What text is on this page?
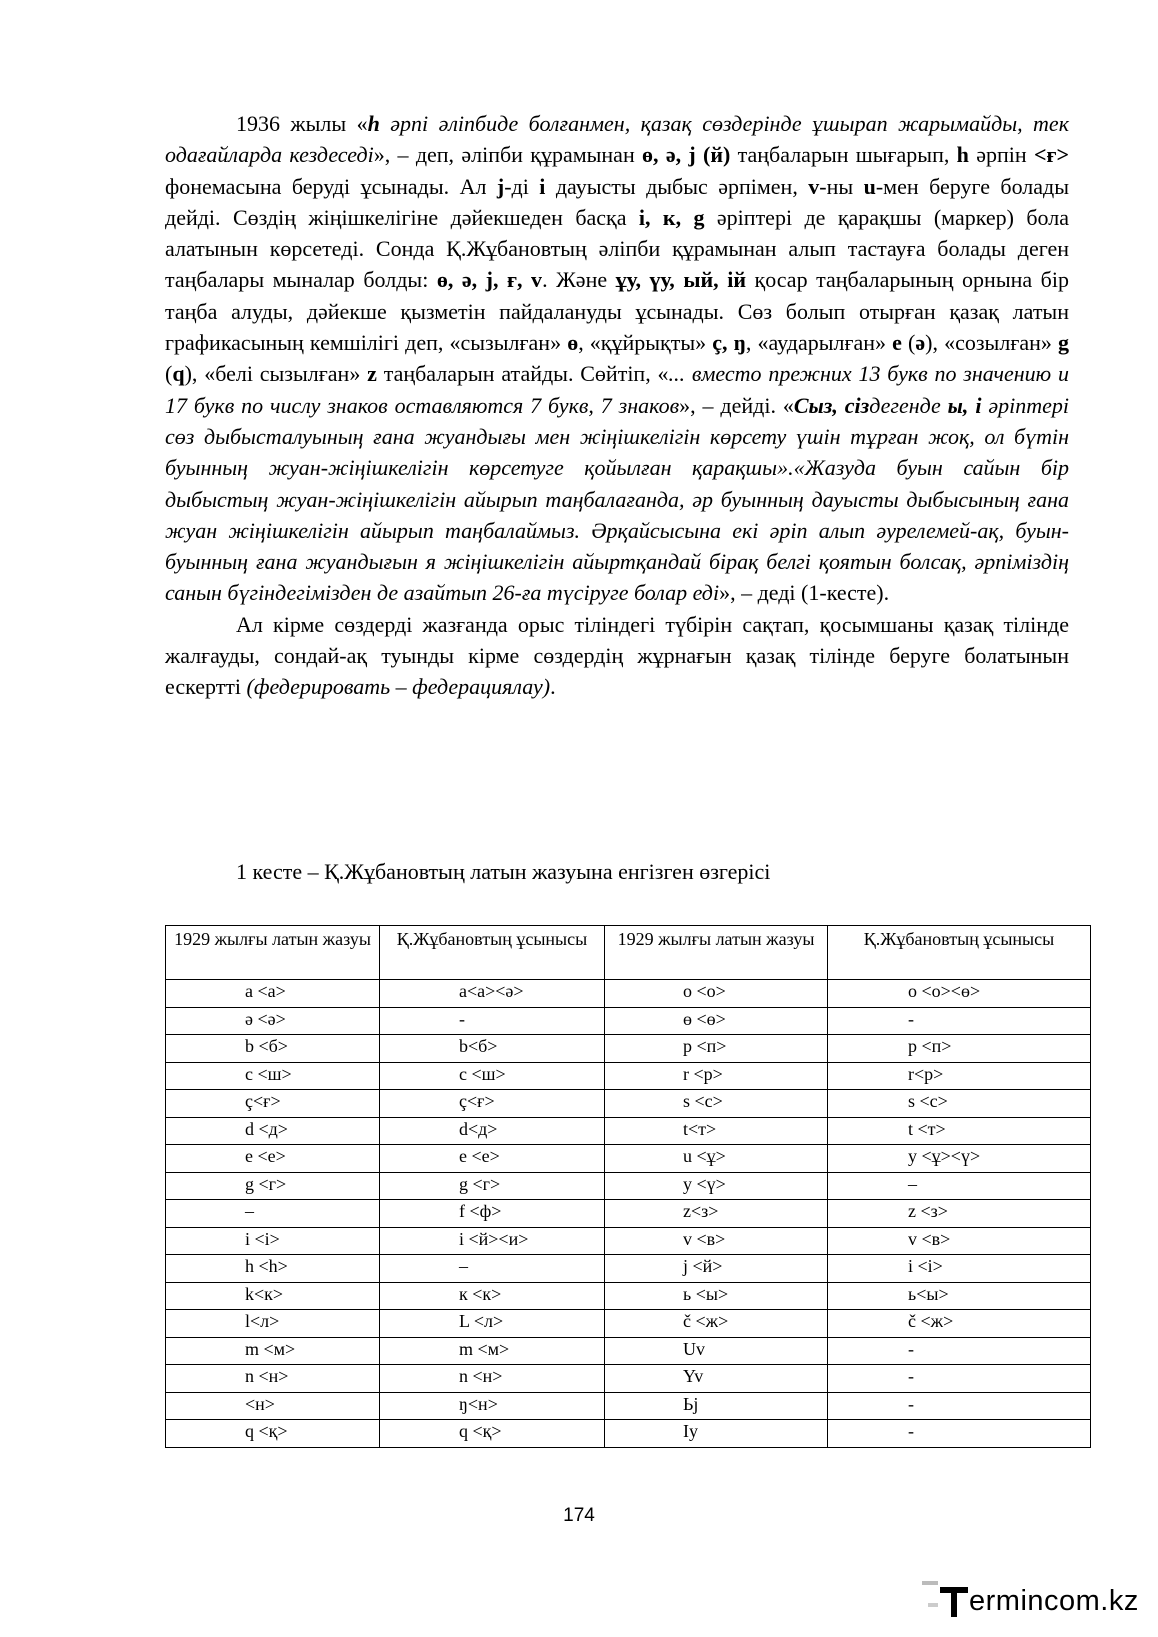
1936 жылы «h әрпі әліпбиде болғанмен, қазақ сөздерінде ұшырап жарымайды, тек одағайларда кездеседі», – деп, әліпби құрамынан ɵ, ә, j (й) таңбаларын шығарып, h әрпін <ғ> фонемасына беруді ұсынады. Ал j-ді і дауысты дыбыс әрпімен, v-ны u-мен беруге болады дейді. Сөздің жіңішкелігіне дәйекшеден басқа і, к, g әріптері де қарақшы (маркер) бола алатынын көрсетеді. Сонда Қ.Жұбановтың әліпби құрамынан алып тастауға болады деген таңбалары мыналар болды: ɵ, ә, j, ғ, v. Және ұу, үу, ый, ій қосар таңбаларының орнына бір таңба алуды, дәйекше қызметін пайдалануды ұсынады. Сөз болып отырған қазақ латын графикасының кемшілігі деп, «сызылған» ɵ, «құйрықты» ç, ŋ, «аударылған» e (ə), «созылған» g (q), «белі сызылған» z таңбаларын атайды. Сөйтіп, «... вместо прежних 13 букв по значению и 17 букв по числу знаков оставляются 7 букв, 7 знаков», – дейді. «Сыз, сіздегенде ы, і әріптері сөз дыбысталуының ғана жуандығы мен жіңішкелігін көрсету үшін тұрған жоқ, ол бүтін буынның жуан-жіңішкелігін көрсетуге қойылған қарақшы».«Жазуда буын сайын бір дыбыстың жуан-жіңішкелігін айырып таңбалағанда, әр буынның дауысты дыбысының ғана жуан жіңішкелігін айырып таңбалаймыз. Әрқайсысына екі әріп алып әурелемей-ақ, буын-буынның ғана жуандығын я жіңішкелігін айыртқандай бірақ белгі қоятын болсақ, әрпіміздің санын бүгіндегімізден де азайтып 26-ға түсіруге болар еді», – деді (1-кесте).

Ал кірме сөздерді жазғанда орыс тіліндегі түбірін сақтап, қосымшаны қазақ тілінде жалғауды, сондай-ақ туынды кірме сөздердің жұрнағын қазақ тілінде беруге болатынын ескертті (федерировать – федерациялау).

1 кесте – Қ.Жұбановтың латын жазуына енгізген өзгерісі
1929 жылғы латын жазуы	Қ.Жұбановтың ұсынысы	1929 жылғы латын жазуы	Қ.Жұбановтың ұсынысы
a <а>	a<а><ә>	o <о>	o <о><ө>
ə <ә>	-	ɵ <ө>	-
b <б>	b<б>	p <п>	p <п>
c <ш>	c <ш>	r <р>	r<р>
ç<ғ>	ç<ғ>	s <с>	s <с>
d <д>	d<д>	t<т>	t <т>
e <е>	e <е>	u <ұ>	y <ұ><ү>
g <г>	g <г>	y <ү>	–
–	f <ф>	z<з>	z <з>
i <і>	i <й><и>	v <в>	v <в>
h <h>	–	j <й>	i <і>
k<к>	к <к>	ь <ы>	ь<ы>
l<л>	L <л>	č <ж>	č <ж>
m <м>	m <м>	Uv	-
n <н>	n <н>	Yv	-
<н>	ŋ<н>	Ьj	-
q <қ>	q <қ>	Iy	-
174
ermincom.kz
